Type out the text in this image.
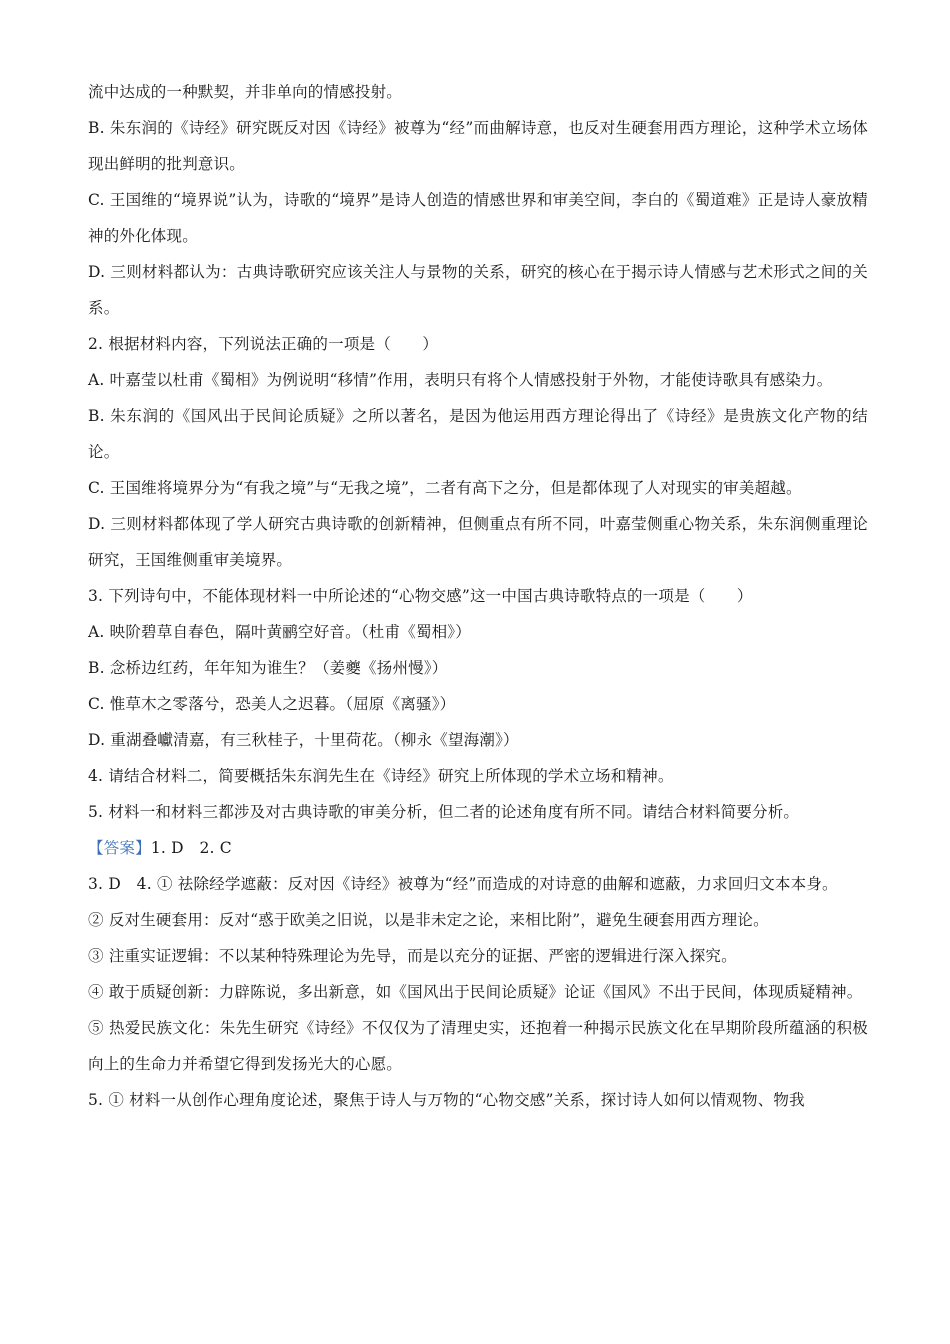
流中达成的一种默契，并非单向的情感投射。

B. 朱东润的《诗经》研究既反对因《诗经》被尊为“经”而曲解诗意，也反对生硬套用西方理论，这种学术立场体现出鲜明的批判意识。

C. 王国维的“境界说”认为，诗歌的“境界”是诗人创造的情感世界和审美空间，李白的《蜀道难》正是诗人豪放精神的外化体现。

D. 三则材料都认为：古典诗歌研究应该关注人与景物的关系，研究的核心在于揭示诗人情感与艺术形式之间的关系。

2. 根据材料内容，下列说法正确的一项是（　　）

A. 叶嘉莹以杜甫《蜀相》为例说明“移情”作用，表明只有将个人情感投射于外物，才能使诗歌具有感染力。

B. 朱东润的《国风出于民间论质疑》之所以著名，是因为他运用西方理论得出了《诗经》是贵族文化产物的结论。

C. 王国维将境界分为“有我之境”与“无我之境”，二者有高下之分，但是都体现了人对现实的审美超越。

D. 三则材料都体现了学人研究古典诗歌的创新精神，但侧重点有所不同，叶嘉莹侧重心物关系，朱东润侧重理论研究，王国维侧重审美境界。

3. 下列诗句中，不能体现材料一中所论述的“心物交感”这一中国古典诗歌特点的一项是（　　）

A. 映阶碧草自春色，隔叶黄鹂空好音。（杜甫《蜀相》）

B. 念桥边红药，年年知为谁生？（姜夔《扬州慢》）

C. 惟草木之零落兮，恐美人之迟暮。（屈原《离骚》）

D. 重湖叠巘清嘉，有三秋桂子，十里荷花。（柳永《望海潮》）

4. 请结合材料二，简要概括朱东润先生在《诗经》研究上所体现的学术立场和精神。

5. 材料一和材料三都涉及对古典诗歌的审美分析，但二者的论述角度有所不同。请结合材料简要分析。

【答案】1. D　2. C

3. D　4. ① 祛除经学遮蔽：反对因《诗经》被尊为“经”而造成的对诗意的曲解和遮蔽，力求回归文本本身。

② 反对生硬套用：反对“惑于欧美之旧说，以是非未定之论，来相比附”，避免生硬套用西方理论。

③ 注重实证逻辑：不以某种特殊理论为先导，而是以充分的证据、严密的逻辑进行深入探究。

④ 敢于质疑创新：力辟陈说，多出新意，如《国风出于民间论质疑》论证《国风》不出于民间，体现质疑精神。

⑤ 热爱民族文化：朱先生研究《诗经》不仅仅为了清理史实，还抱着一种揭示民族文化在早期阶段所蕴涵的积极向上的生命力并希望它得到发扬光大的心愿。

5. ① 材料一从创作心理角度论述，聚焦于诗人与万物的“心物交感”关系，探讨诗人如何以情观物、物我
